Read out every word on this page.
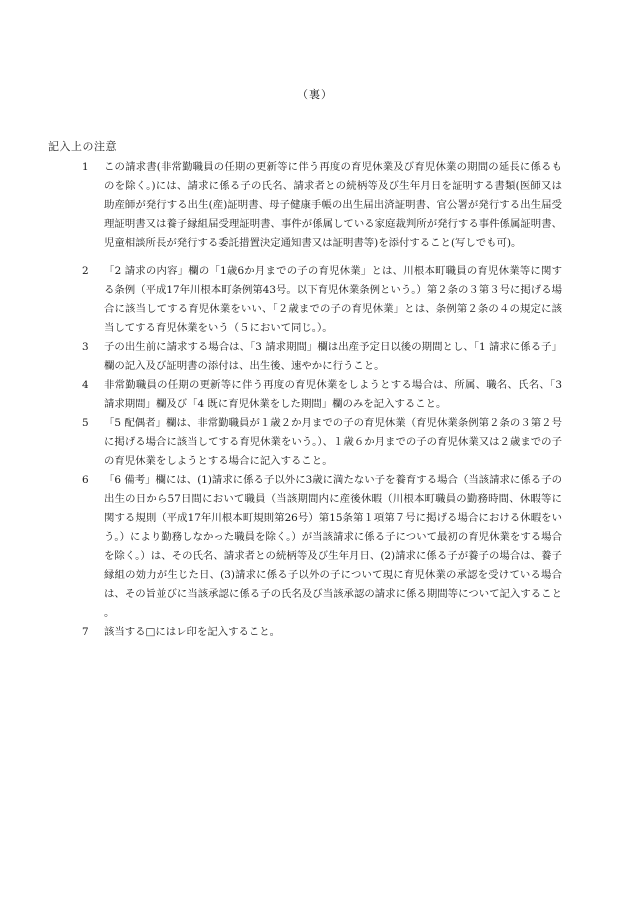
（裏）
記入上の注意
1	この請求書(非常勤職員の任期の更新等に伴う再度の育児休業及び育児休業の期間の延長に係るものを除く。)には、請求に係る子の氏名、請求者との続柄等及び生年月日を証明する書類(医師又は助産師が発行する出生(産)証明書、母子健康手帳の出生届出済証明書、官公署が発行する出生届受理証明書又は養子縁組届受理証明書、事件が係属している家庭裁判所が発行する事件係属証明書、児童相談所長が発行する委託措置決定通知書又は証明書等)を添付すること(写しでも可)。
2	「2 請求の内容」欄の「1歳6か月までの子の育児休業」とは、川根本町職員の育児休業等に関する条例（平成17年川根本町条例第43号。以下育児休業条例という。）第２条の３第３号に掲げる場合に該当してする育児休業をいい、「２歳までの子の育児休業」とは、条例第２条の４の規定に該当してする育児休業をいう（５において同じ。）。
3	子の出生前に請求する場合は、「3 請求期間」欄は出産予定日以後の期間とし、「1 請求に係る子」欄の記入及び証明書の添付は、出生後、速やかに行うこと。
4	非常勤職員の任期の更新等に伴う再度の育児休業をしようとする場合は、所属、職名、氏名、「3 請求期間」欄及び「4 既に育児休業をした期間」欄のみを記入すること。
5	「5 配偶者」欄は、非常勤職員が１歳２か月までの子の育児休業（育児休業条例第２条の３第２号に掲げる場合に該当してする育児休業をいう。）、１歳６か月までの子の育児休業又は２歳までの子の育児休業をしようとする場合に記入すること。
6	「6 備考」欄には、(1)請求に係る子以外に3歳に満たない子を養育する場合（当該請求に係る子の出生の日から57日間において職員（当該期間内に産後休暇（川根本町職員の勤務時間、休暇等に関する規則（平成17年川根本町規則第26号）第15条第１項第７号に掲げる場合における休暇をいう。）により勤務しなかった職員を除く。）が当該請求に係る子について最初の育児休業をする場合を除く。）は、その氏名、請求者との続柄等及び生年月日、(2)請求に係る子が養子の場合は、養子縁組の効力が生じた日、(3)請求に係る子以外の子について現に育児休業の承認を受けている場合は、その旨並びに当該承認に係る子の氏名及び当該承認の請求に係る期間等について記入すること。
7	該当する□にはレ印を記入すること。
